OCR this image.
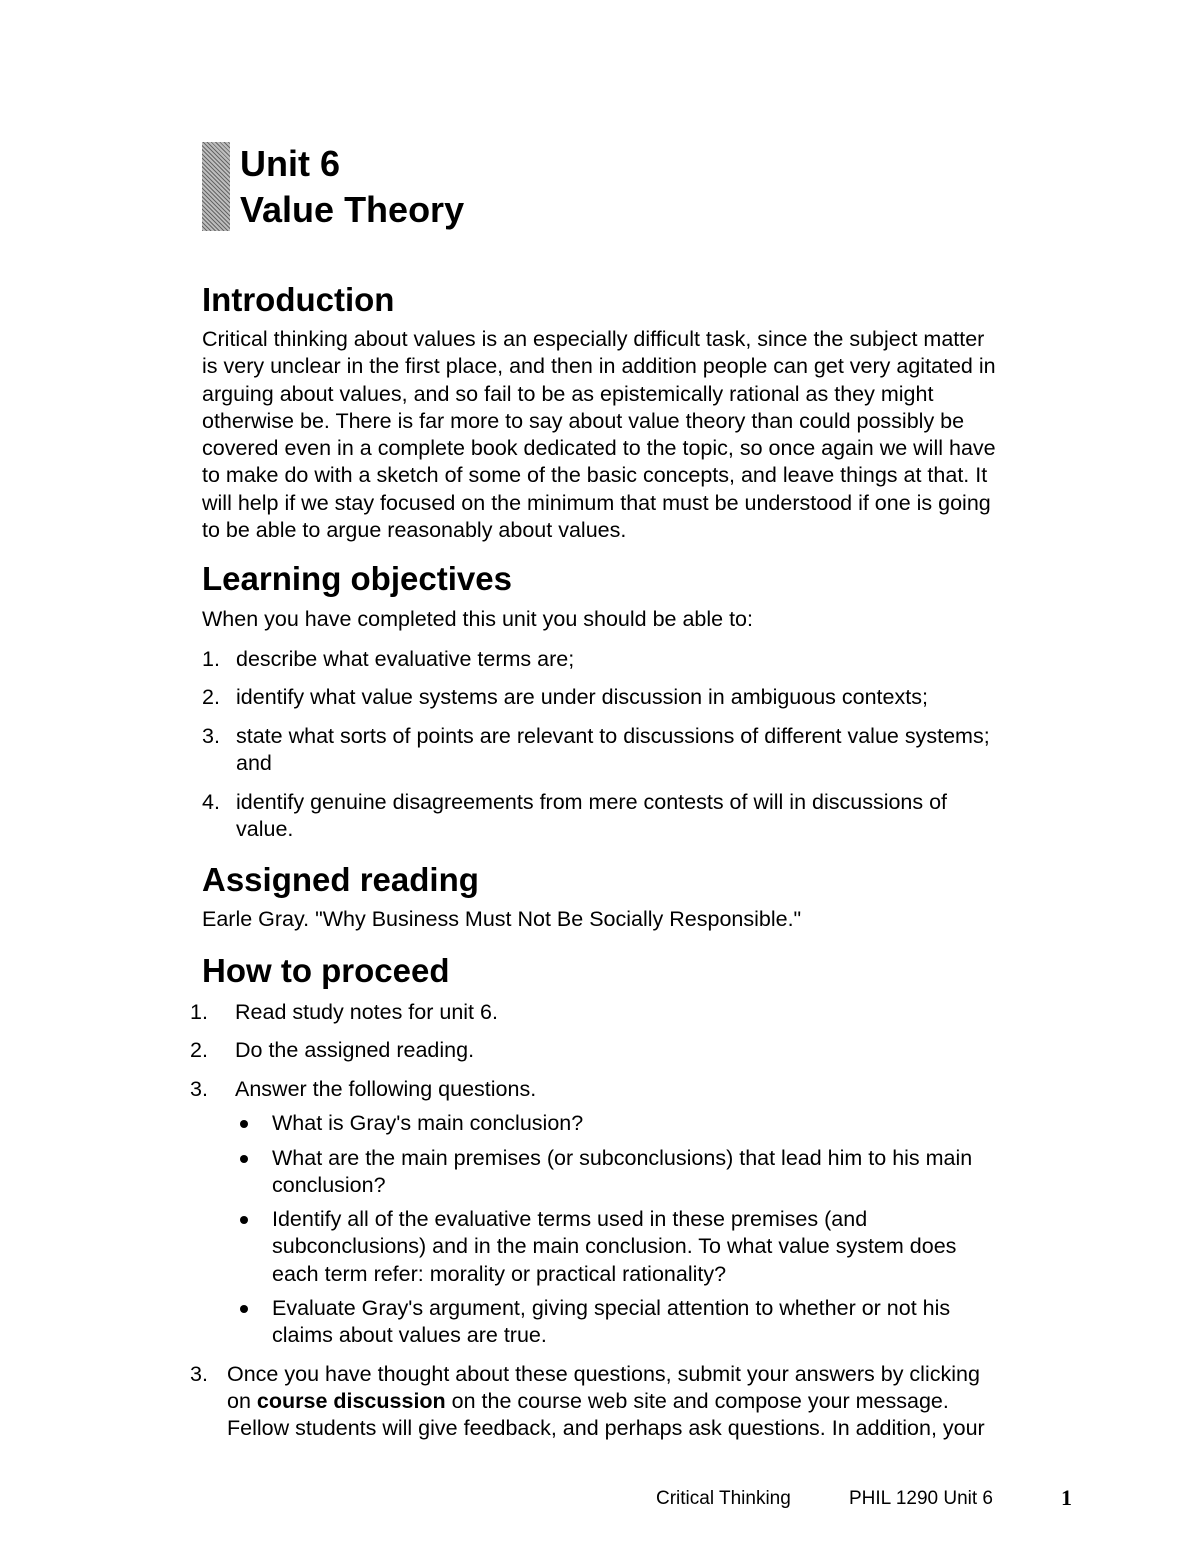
Unit 6
Value Theory
Introduction
Critical thinking about values is an especially difficult task, since the subject matter
is very unclear in the first place, and then in addition people can get very agitated in
arguing about values, and so fail to be as epistemically rational as they might
otherwise be. There is far more to say about value theory than could possibly be
covered even in a complete book dedicated to the topic, so once again we will have
to make do with a sketch of some of the basic concepts, and leave things at that. It
will help if we stay focused on the minimum that must be understood if one is going
to be able to argue reasonably about values.
Learning objectives
When you have completed this unit you should be able to:
1. describe what evaluative terms are;
2. identify what value systems are under discussion in ambiguous contexts;
3. state what sorts of points are relevant to discussions of different value systems;
and
4. identify genuine disagreements from mere contests of will in discussions of
value.
Assigned reading
Earle Gray. "Why Business Must Not Be Socially Responsible."
How to proceed
1. Read study notes for unit 6.
2. Do the assigned reading.
3. Answer the following questions.
What is Gray's main conclusion?
What are the main premises (or subconclusions) that lead him to his main
conclusion?
Identify all of the evaluative terms used in these premises (and
subconclusions) and in the main conclusion. To what value system does
each term refer: morality or practical rationality?
Evaluate Gray's argument, giving special attention to whether or not his
claims about values are true.
3. Once you have thought about these questions, submit your answers by clicking
on course discussion on the course web site and compose your message.
Fellow students will give feedback, and perhaps ask questions. In addition, your
Critical Thinking	PHIL 1290 Unit 6	1
